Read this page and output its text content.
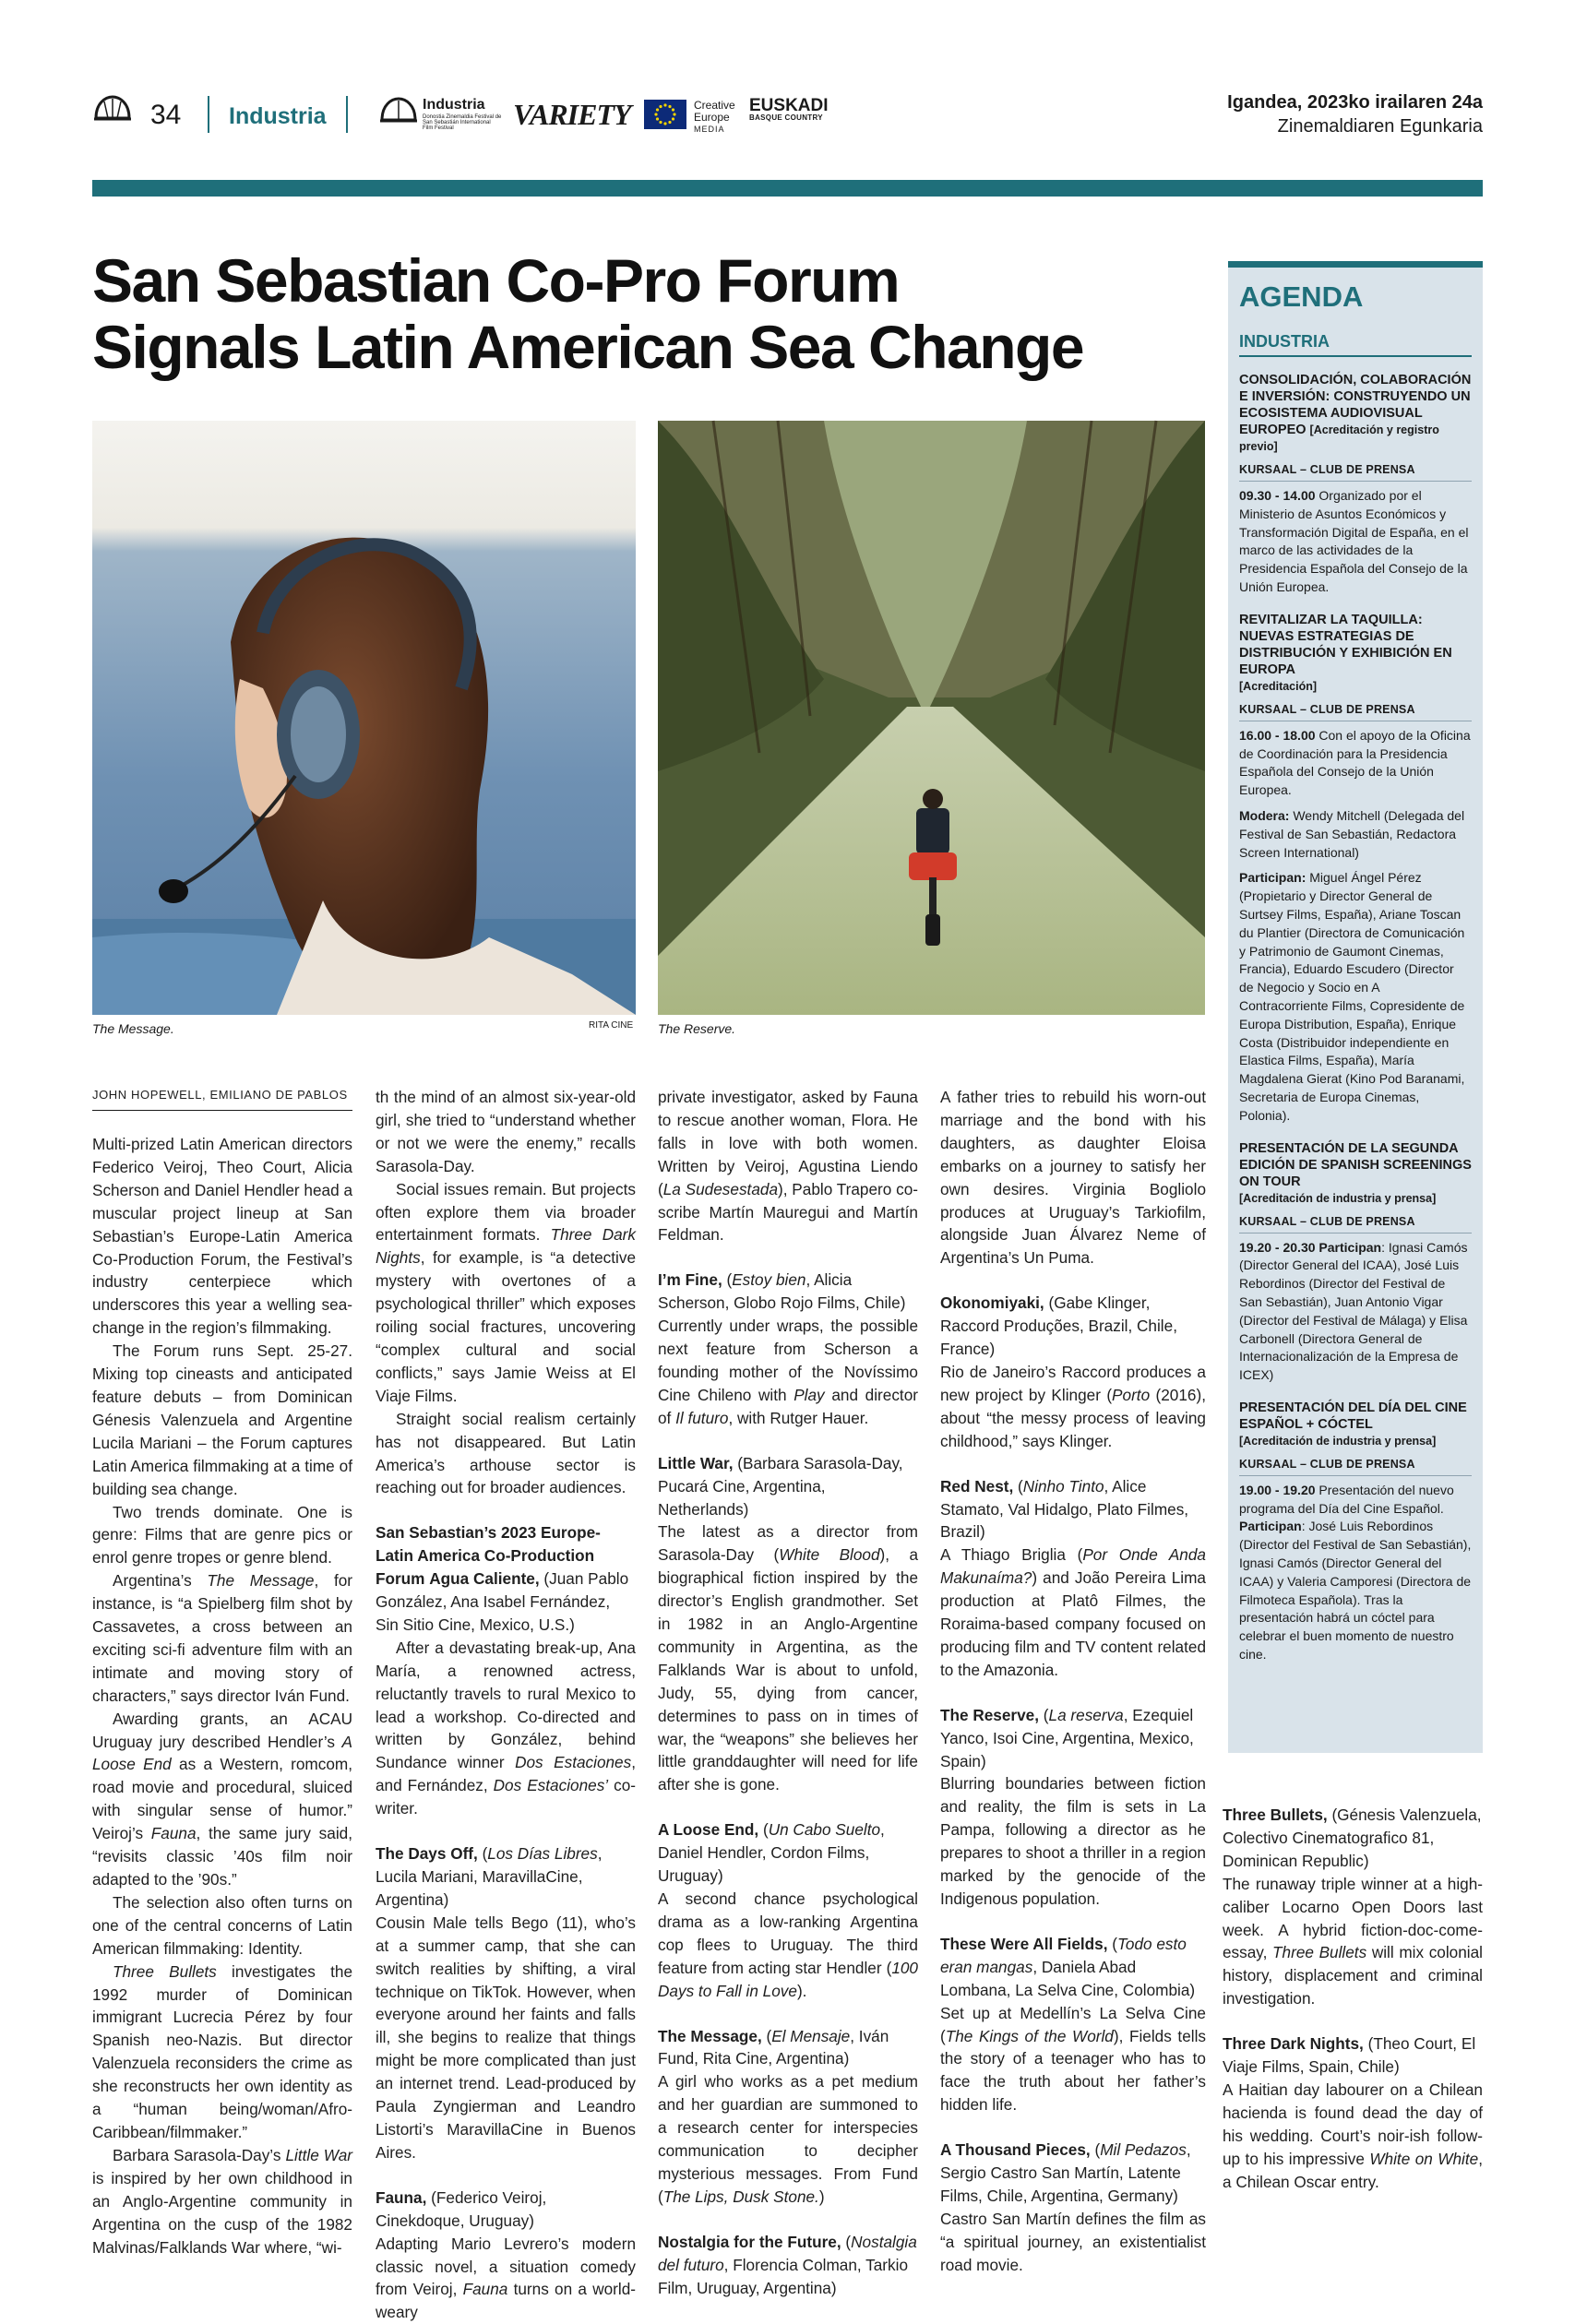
34 Industria	Industria
Donostia Zinemaldia Festival de San Sebastián International Film Festival	VARIETY	Creative Europe
MEDIA
EUSKADI
BASQUE COUNTRY
Igandea, 2023ko irailaren 24a
Zinemaldiaren Egunkaria
San Sebastian Co-Pro Forum
Signals Latin American Sea Change
The Message.	RITA CINE The Reserve.
JOHN HOPEWELL, EMILIANO DE PABLOS

Multi-prized Latin American directors Federico Veiroj, Theo Court, Alicia Scherson and Daniel Hendler head a muscular project lineup at San Sebastian’s Europe-Latin America Co-Production Forum, the Festival’s industry centerpiece which underscores this year a welling sea-change in the region’s filmmaking.

The Forum runs Sept. 25-27. Mixing top cineasts and anticipated feature debuts – from Dominican Génesis Valenzuela and Argentine Lucila Mariani – the Forum captures Latin America filmmaking at a time of building sea change.

Two trends dominate. One is genre: Films that are genre pics or enrol genre tropes or genre blend.

Argentina’s The Message, for instance, is “a Spielberg film shot by Cassavetes, a cross between an exciting sci-fi adventure film with an intimate and moving story of characters,” says director Iván Fund.

Awarding grants, an ACAU Uruguay jury described Hendler’s A Loose End as a Western, romcom, road movie and procedural, sluiced with singular sense of humor.” Veiroj’s Fauna, the same jury said, “revisits classic ’40s film noir adapted to the ’90s.”

The selection also often turns on one of the central concerns of Latin American filmmaking: Identity.

Three Bullets investigates the 1992 murder of Dominican immigrant Lucrecia Pérez by four Spanish neo-Nazis. But director Valenzuela reconsiders the crime as she reconstructs her own identity as a “human being/woman/Afro-Caribbean/filmmaker.”

Barbara Sarasola-Day’s Little War is inspired by her own childhood in an Anglo-Argentine community in Argentina on the cusp of the 1982 Malvinas/Falklands War where, “wi-

th the mind of an almost six-year-old girl, she tried to “understand whether or not we were the enemy,” recalls Sarasola-Day.

Social issues remain. But projects often explore them via broader entertainment formats. Three Dark Nights, for example, is “a detective mystery with overtones of a psychological thriller” which exposes roiling social fractures, uncovering “complex cultural and social conflicts,” says Jamie Weiss at El Viaje Films.

Straight social realism certainly has not disappeared. But Latin America’s arthouse sector is reaching out for broader audiences.

San Sebastian’s 2023 Europe-Latin America Co-Production Forum Agua Caliente, (Juan Pablo González, Ana Isabel Fernández, Sin Sitio Cine, Mexico, U.S.)

After a devastating break-up, Ana María, a renowned actress, reluctantly travels to rural Mexico to lead a workshop. Co-directed and written by González, behind Sundance winner Dos Estaciones, and Fernández, Dos Estaciones’ co-writer.

The Days Off, (Los Días Libres, Lucila Mariani, MaravillaCine, Argentina)

Cousin Male tells Bego (11), who’s at a summer camp, that she can switch realities by shifting, a viral technique on TikTok. However, when everyone around her faints and falls ill, she begins to realize that things might be more complicated than just an internet trend. Lead-produced by Paula Zyngierman and Leandro Listorti’s MaravillaCine in Buenos Aires.

Fauna, (Federico Veiroj, Cinekdoque, Uruguay)

Adapting Mario Levrero’s modern classic novel, a situation comedy from Veiroj, Fauna turns on a world-weary

private investigator, asked by Fauna to rescue another woman, Flora. He falls in love with both women. Written by Veiroj, Agustina Liendo (La Sudesestada), Pablo Trapero co-scribe Martín Mauregui and Martín Feldman.

I’m Fine, (Estoy bien, Alicia Scherson, Globo Rojo Films, Chile)

Currently under wraps, the possible next feature from Scherson a founding mother of the Novíssimo Cine Chileno with Play and director of Il futuro, with Rutger Hauer.

Little War, (Barbara Sarasola-Day, Pucará Cine, Argentina, Netherlands)

The latest as a director from Sarasola-Day (White Blood), a biographical fiction inspired by the director’s English grandmother. Set in 1982 in an Anglo-Argentine community in Argentina, as the Falklands War is about to unfold, Judy, 55, dying from cancer, determines to pass on in times of war, the “weapons” she believes her little granddaughter will need for life after she is gone.

A Loose End, (Un Cabo Suelto, Daniel Hendler, Cordon Films, Uruguay)

A second chance psychological drama as a low-ranking Argentina cop flees to Uruguay. The third feature from acting star Hendler (100 Days to Fall in Love).

The Message, (El Mensaje, Iván Fund, Rita Cine, Argentina)

A girl who works as a pet medium and her guardian are summoned to a research center for interspecies communication to decipher mysterious messages. From Fund (The Lips, Dusk Stone.)

Nostalgia for the Future, (Nostalgia del futuro, Florencia Colman, Tarkio Film, Uruguay, Argentina)

A father tries to rebuild his worn-out marriage and the bond with his daughters, as daughter Eloisa embarks on a journey to satisfy her own desires. Virginia Bogliolo produces at Uruguay’s Tarkiofilm, alongside Juan Álvarez Neme of Argentina’s Un Puma.

Okonomiyaki, (Gabe Klinger, Raccord Produções, Brazil, Chile, France)

Rio de Janeiro’s Raccord produces a new project by Klinger (Porto (2016), about “the messy process of leaving childhood,” says Klinger.

Red Nest, (Ninho Tinto, Alice Stamato, Val Hidalgo, Plato Filmes, Brazil)

A Thiago Briglia (Por Onde Anda Makunaíma?) and João Pereira Lima production at Platô Filmes, the Roraima-based company focused on producing film and TV content related to the Amazonia.

The Reserve, (La reserva, Ezequiel Yanco, Isoi Cine, Argentina, Mexico, Spain)

Blurring boundaries between fiction and reality, the film is sets in La Pampa, following a director as he prepares to shoot a thriller in a region marked by the genocide of the Indigenous population.

These Were All Fields, (Todo esto eran mangas, Daniela Abad Lombana, La Selva Cine, Colombia)

Set up at Medellín’s La Selva Cine (The Kings of the World), Fields tells the story of a teenager who has to face the truth about her father’s hidden life.

A Thousand Pieces, (Mil Pedazos, Sergio Castro San Martín, Latente Films, Chile, Argentina, Germany)

Castro San Martín defines the film as “a spiritual journey, an existentialist road movie.

Three Bullets, (Génesis Valenzuela, Colectivo Cinematografico 81, Dominican Republic)

The runaway triple winner at a high-caliber Locarno Open Doors last week. A hybrid fiction-doc-come-essay, Three Bullets will mix colonial history, displacement and criminal investigation.

Three Dark Nights, (Theo Court, El Viaje Films, Spain, Chile)

A Haitian day labourer on a Chilean hacienda is found dead the day of his wedding. Court’s noir-ish follow-up to his impressive White on White, a Chilean Oscar entry.

AGENDA
INDUSTRIA
CONSOLIDACIÓN, COLABORACIÓN E INVERSIÓN: CONSTRUYENDO UN ECOSISTEMA AUDIOVISUAL EUROPEO [Acreditación y registro previo]
KURSAAL – CLUB DE PRENSA

09.30 - 14.00 Organizado por el Ministerio de Asuntos Económicos y Transformación Digital de España, en el marco de las actividades de la Presidencia Española del Consejo de la Unión Europea.

REVITALIZAR LA TAQUILLA: NUEVAS ESTRATEGIAS DE DISTRIBUCIÓN Y EXHIBICIÓN EN EUROPA
[Acreditación]
KURSAAL – CLUB DE PRENSA

16.00 - 18.00 Con el apoyo de la Oficina de Coordinación para la Presidencia Española del Consejo de la Unión Europea.

Modera: Wendy Mitchell (Delegada del Festival de San Sebastián, Redactora Screen International)

Participan: Miguel Ángel Pérez (Propietario y Director General de Surtsey Films, España), Ariane Toscan du Plantier (Directora de Comunicación y Patrimonio de Gaumont Cinemas, Francia), Eduardo Escudero (Director de Negocio y Socio en A Contracorriente Films, Copresidente de Europa Distribution, España), Enrique Costa (Distribuidor independiente en Elastica Films, España), María Magdalena Gierat (Kino Pod Baranami, Secretaria de Europa Cinemas, Polonia).

PRESENTACIÓN DE LA SEGUNDA EDICIÓN DE SPANISH SCREENINGS ON TOUR
[Acreditación de industria y prensa]
KURSAAL – CLUB DE PRENSA

19.20 - 20.30 Participan: Ignasi Camós (Director General del ICAA), José Luis Rebordinos (Director del Festival de San Sebastián), Juan Antonio Vigar (Director del Festival de Málaga) y Elisa Carbonell (Directora General de Internacionalización de la Empresa de ICEX)

PRESENTACIÓN DEL DÍA DEL CINE ESPAÑOL + CÓCTEL
[Acreditación de industria y prensa]
KURSAAL – CLUB DE PRENSA

19.00 - 19.20 Presentación del nuevo programa del Día del Cine Español. Participan: José Luis Rebordinos (Director del Festival de San Sebastián), Ignasi Camós (Director General del ICAA) y Valeria Camporesi (Directora de Filmoteca Española). Tras la presentación habrá un cóctel para celebrar el buen momento de nuestro cine.
